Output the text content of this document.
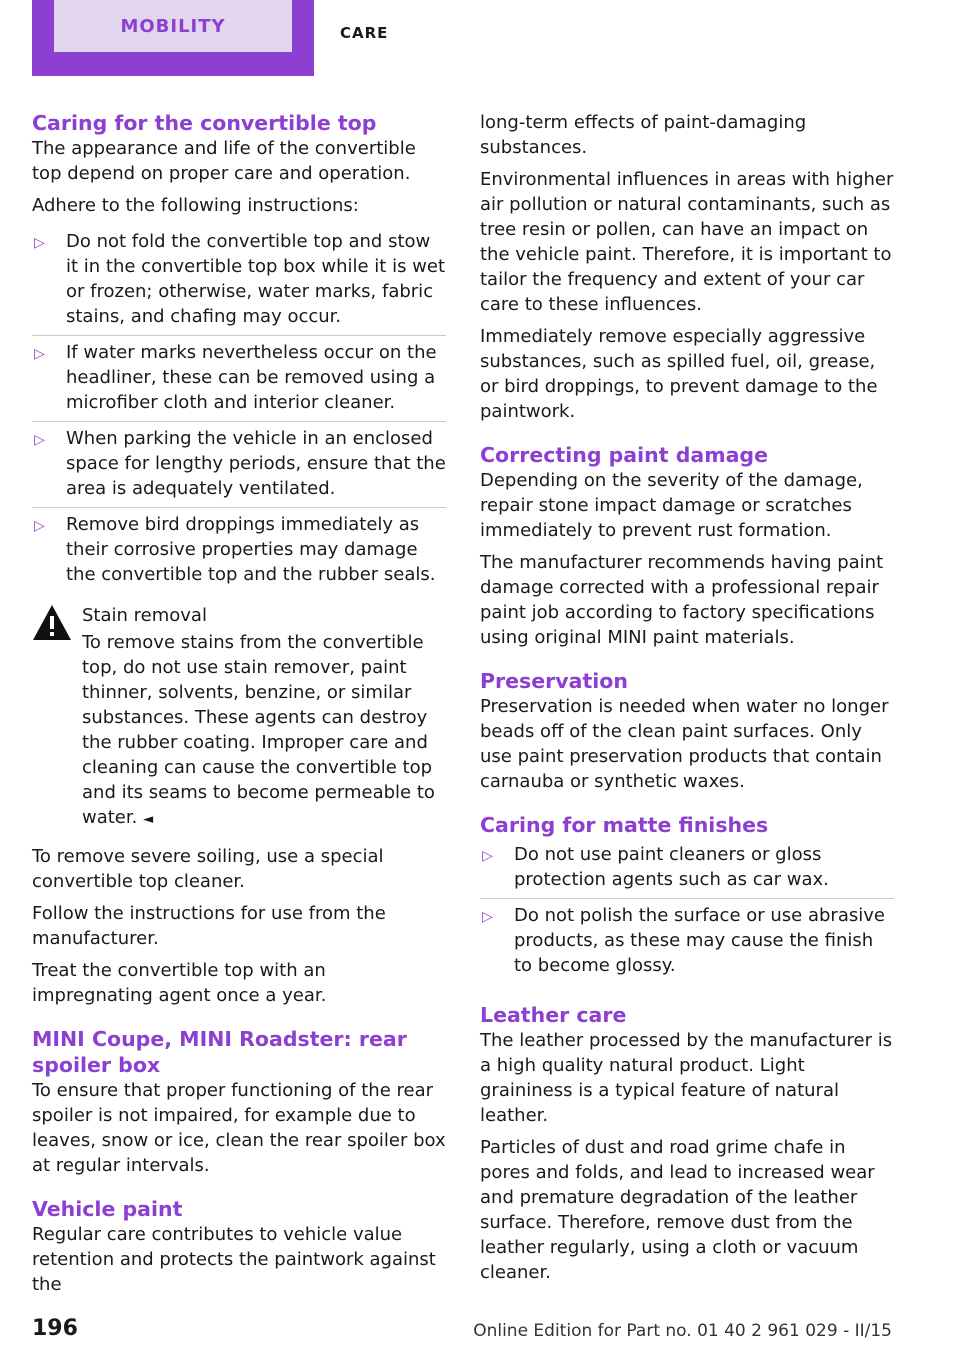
MOBILITY	CARE
Caring for the convertible top

The appearance and life of the convertible top depend on proper care and operation.

Adhere to the following instructions:

▷ Do not fold the convertible top and stow it in the convertible top box while it is wet or frozen; otherwise, water marks, fabric stains, and chafing may occur.
▷ If water marks nevertheless occur on the headliner, these can be removed using a microfiber cloth and interior cleaner.
▷ When parking the vehicle in an enclosed space for lengthy periods, ensure that the area is adequately ventilated.
▷ Remove bird droppings immediately as their corrosive properties may damage the convertible top and the rubber seals.

Stain removal

To remove stains from the convertible top, do not use stain remover, paint thinner, solvents, benzine, or similar substances. These agents can destroy the rubber coating. Improper care and cleaning can cause the convertible top and its seams to become permeable to water. ◄

To remove severe soiling, use a special convertible top cleaner.

Follow the instructions for use from the manufacturer.

Treat the convertible top with an impregnating agent once a year.

MINI Coupe, MINI Roadster: rear spoiler box

To ensure that proper functioning of the rear spoiler is not impaired, for example due to leaves, snow or ice, clean the rear spoiler box at regular intervals.

Vehicle paint

Regular care contributes to vehicle value retention and protects the paintwork against the

long-term effects of paint-damaging substances.

Environmental influences in areas with higher air pollution or natural contaminants, such as tree resin or pollen, can have an impact on the vehicle paint. Therefore, it is important to tailor the frequency and extent of your car care to these influences.

Immediately remove especially aggressive substances, such as spilled fuel, oil, grease, or bird droppings, to prevent damage to the paintwork.

Correcting paint damage

Depending on the severity of the damage, repair stone impact damage or scratches immediately to prevent rust formation.

The manufacturer recommends having paint damage corrected with a professional repair paint job according to factory specifications using original MINI paint materials.

Preservation

Preservation is needed when water no longer beads off of the clean paint surfaces. Only use paint preservation products that contain carnauba or synthetic waxes.

Caring for matte finishes
▷ Do not use paint cleaners or gloss protection agents such as car wax.
▷ Do not polish the surface or use abrasive products, as these may cause the finish to become glossy.
Leather care

The leather processed by the manufacturer is a high quality natural product. Light graininess is a typical feature of natural leather.

Particles of dust and road grime chafe in pores and folds, and lead to increased wear and premature degradation of the leather surface. Therefore, remove dust from the leather regularly, using a cloth or vacuum cleaner.

196	Online Edition for Part no. 01 40 2 961 029 - II/15
